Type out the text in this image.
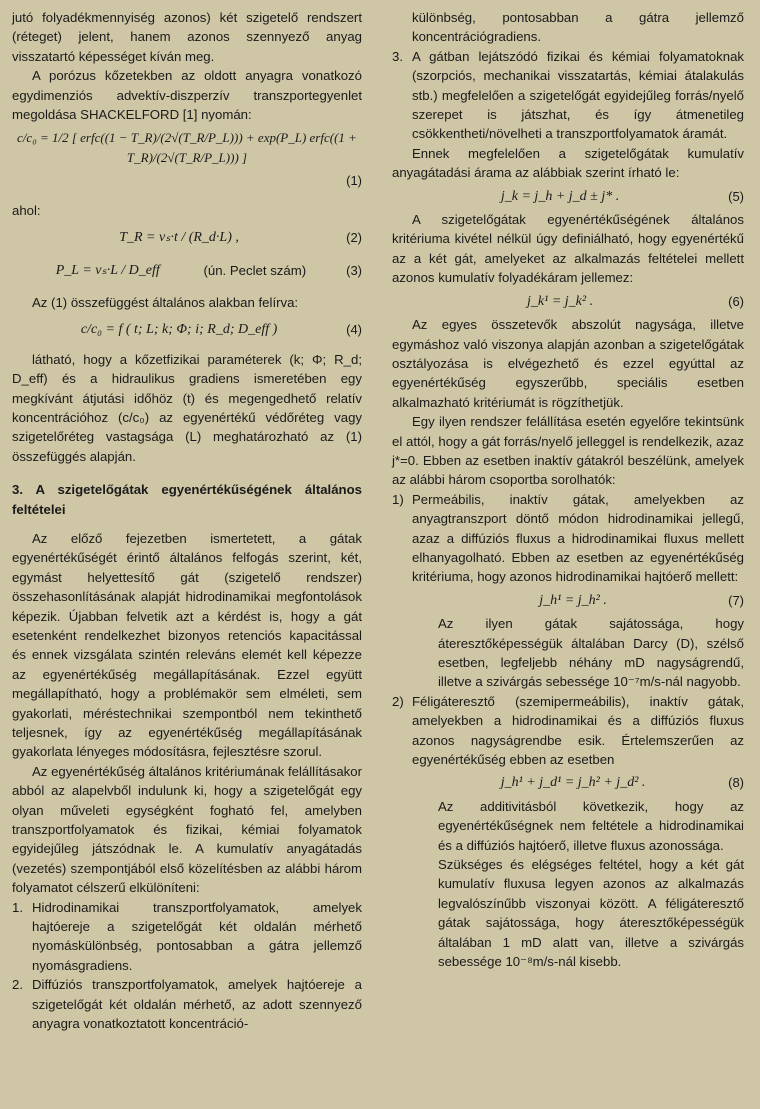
jutó folyadékmennyiség azonos) két szigetelő rendszert (réteget) jelent, hanem azonos szennyező anyag visszatartó képességet kíván meg.

A porózus kőzetekben az oldott anyagra vonatkozó egydimenziós advektív-diszperzív transzportegyenlet megoldása SHACKELFORD [1] nyomán:

c/c₀ = 1/2 [ erfc((1 − T_R)/(2√(T_R/P_L))) + exp(P_L) erfc((1 + T_R)/(2√(T_R/P_L))) ]
(1)

ahol:

T_R = vₛ·t / (R_d·L) ,	(2)
P_L = vₛ·L / D_eff	(ún. Peclet szám)	(3)

Az (1) összefüggést általános alakban felírva:

c/c₀ = f ( t; L; k; Φ; i; R_d; D_eff )	(4)

látható, hogy a kőzetfizikai paraméterek (k; Φ; R_d; D_eff) és a hidraulikus gradiens ismeretében egy megkívánt átjutási időhöz (t) és megengedhető relatív koncentrációhoz (c/c₀) az egyenértékű védőréteg vagy szigetelőréteg vastagsága (L) meghatározható az (1) összefüggés alapján.

3. A szigetelőgátak egyenértékűségének általános feltételei

Az előző fejezetben ismertetett, a gátak egyenértékűségét érintő általános felfogás szerint, két, egymást helyettesítő gát (szigetelő rendszer) összehasonlításának alapját hidrodinamikai megfontolások képezik. Újabban felvetik azt a kérdést is, hogy a gát esetenként rendelkezhet bizonyos retenciós kapacitással és ennek vizsgálata szintén releváns elemét kell képezze az egyenértékűség megállapításának. Ezzel együtt megállapítható, hogy a problémakör sem elméleti, sem gyakorlati, méréstechnikai szempontból nem tekinthető teljesnek, így az egyenértékűség megállapításának gyakorlata lényeges módosításra, fejlesztésre szorul.

Az egyenértékűség általános kritériumának felállításakor abból az alapelvből indulunk ki, hogy a szigetelőgát egy olyan műveleti egységként fogható fel, amelyben transzportfolyamatok és fizikai, kémiai folyamatok egyidejűleg játszódnak le. A kumulatív anyagátadás (vezetés) szempontjából első közelítésben az alábbi három folyamatot célszerű elkülöníteni:

1. Hidrodinamikai transzportfolyamatok, amelyek hajtóereje a szigetelőgát két oldalán mérhető nyomáskülönbség, pontosabban a gátra jellemző nyomásgradiens.
2. Diffúziós transzportfolyamatok, amelyek hajtóereje a szigetelőgát két oldalán mérhető, az adott szennyező anyagra vonatkoztatott koncentráció-

különbség, pontosabban a gátra jellemző koncentrációgradiens.

3. A gátban lejátszódó fizikai és kémiai folyamatoknak (szorpciós, mechanikai visszatartás, kémiai átalakulás stb.) megfelelően a szigetelőgát egyidejűleg forrás/nyelő szerepet is játszhat, és így átmenetileg csökkentheti/növelheti a transzportfolyamatok áramát.

Ennek megfelelően a szigetelőgátak kumulatív anyagátadási árama az alábbiak szerint írható le:

j_k = j_h + j_d ± j* .	(5)

A szigetelőgátak egyenértékűségének általános kritériuma kivétel nélkül úgy definiálható, hogy egyenértékű az a két gát, amelyeket az alkalmazás feltételei mellett azonos kumulatív folyadékáram jellemez:

j_k¹ = j_k² .	(6)

Az egyes összetevők abszolút nagysága, illetve egymáshoz való viszonya alapján azonban a szigetelőgátak osztályozása is elvégezhető és ezzel egyúttal az egyenértékűség egyszerűbb, speciális esetben alkalmazható kritériumát is rögzíthetjük.

Egy ilyen rendszer felállítása esetén egyelőre tekintsünk el attól, hogy a gát forrás/nyelő jelleggel is rendelkezik, azaz j*=0. Ebben az esetben inaktív gátakról beszélünk, amelyek az alábbi három csoportba sorolhatók:

1) Permeábilis, inaktív gátak, amelyekben az anyagtranszport döntő módon hidrodinamikai jellegű, azaz a diffúziós fluxus a hidrodinamikai fluxus mellett elhanyagolható. Ebben az esetben az egyenértékűség kritériuma, hogy azonos hidrodinamikai hajtóerő mellett:
j_h¹ = j_h² .	(7)

Az ilyen gátak sajátossága, hogy áteresztőképességük általában Darcy (D), szélső esetben, legfeljebb néhány mD nagyságrendű, illetve a szivárgás sebessége 10⁻⁷m/s-nál nagyobb.

2) Féligáteresztő (szemipermeábilis), inaktív gátak, amelyekben a hidrodinamikai és a diffúziós fluxus azonos nagyságrendbe esik. Értelemszerűen az egyenértékűség ebben az esetben
j_h¹ + j_d¹ = j_h² + j_d² .	(8)

Az additivitásból következik, hogy az egyenértékűségnek nem feltétele a hidrodinamikai és a diffúziós hajtóerő, illetve fluxus azonossága.

Szükséges és elégséges feltétel, hogy a két gát kumulatív fluxusa legyen azonos az alkalmazás legvalószínűbb viszonyai között. A féligáteresztő gátak sajátossága, hogy áteresztőképességük általában 1 mD alatt van, illetve a szivárgás sebessége 10⁻⁸m/s-nál kisebb.
